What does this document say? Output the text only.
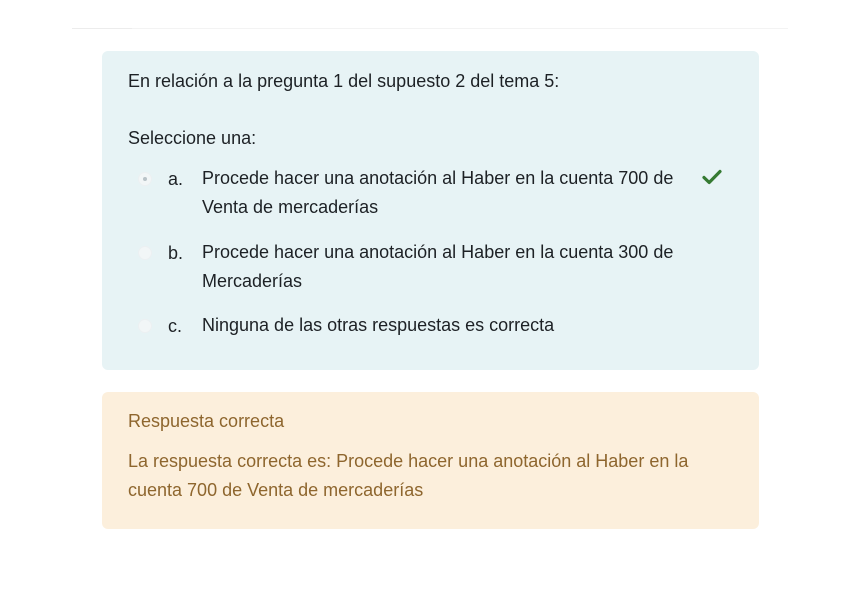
En relación a la pregunta 1 del supuesto 2 del tema 5:
Seleccione una:
a. Procede hacer una anotación al Haber en la cuenta 700 de Venta de mercaderías
b. Procede hacer una anotación al Haber en la cuenta 300 de Mercaderías
c. Ninguna de las otras respuestas es correcta
Respuesta correcta
La respuesta correcta es: Procede hacer una anotación al Haber en la cuenta 700 de Venta de mercaderías
